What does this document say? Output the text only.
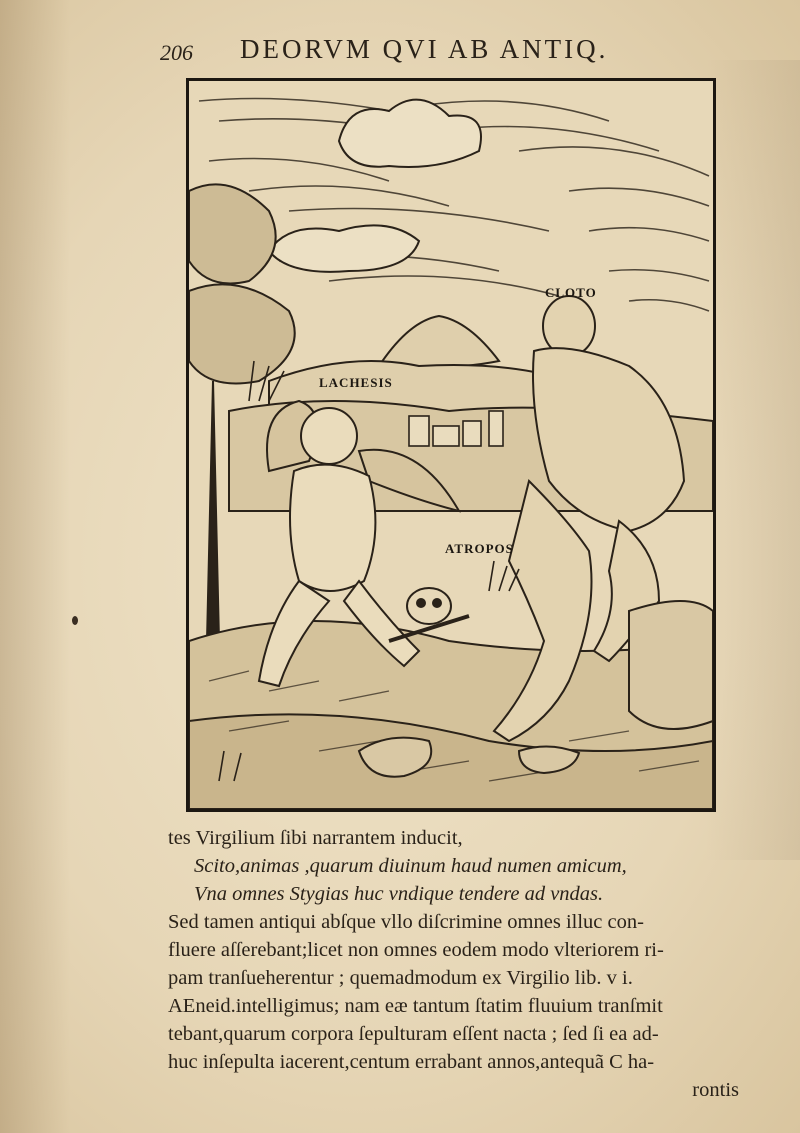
206 DEORVM QVI AB ANTIQ.
CLOTO
LACHESIS
ATROPOS
tes Virgilium ſibi narrantem inducit,
Scito,animas ,quarum diuinum haud numen amicum,
Vna omnes Stygias huc vndique tendere ad vndas.
Sed tamen antiqui abſque vllo diſcrimine omnes illuc con-
fluere aſſerebant;licet non omnes eodem modo vlteriorem ri-
pam tranſueherentur ; quemadmodum ex Virgilio lib. v i.
AEneid.intelligimus; nam eæ tantum ſtatim fluuium tranſmit
tebant,quarum corpora ſepulturam eſſent nacta ; ſed ſi ea ad-
huc inſepulta iacerent,centum errabant annos,antequã C ha-
rontis
